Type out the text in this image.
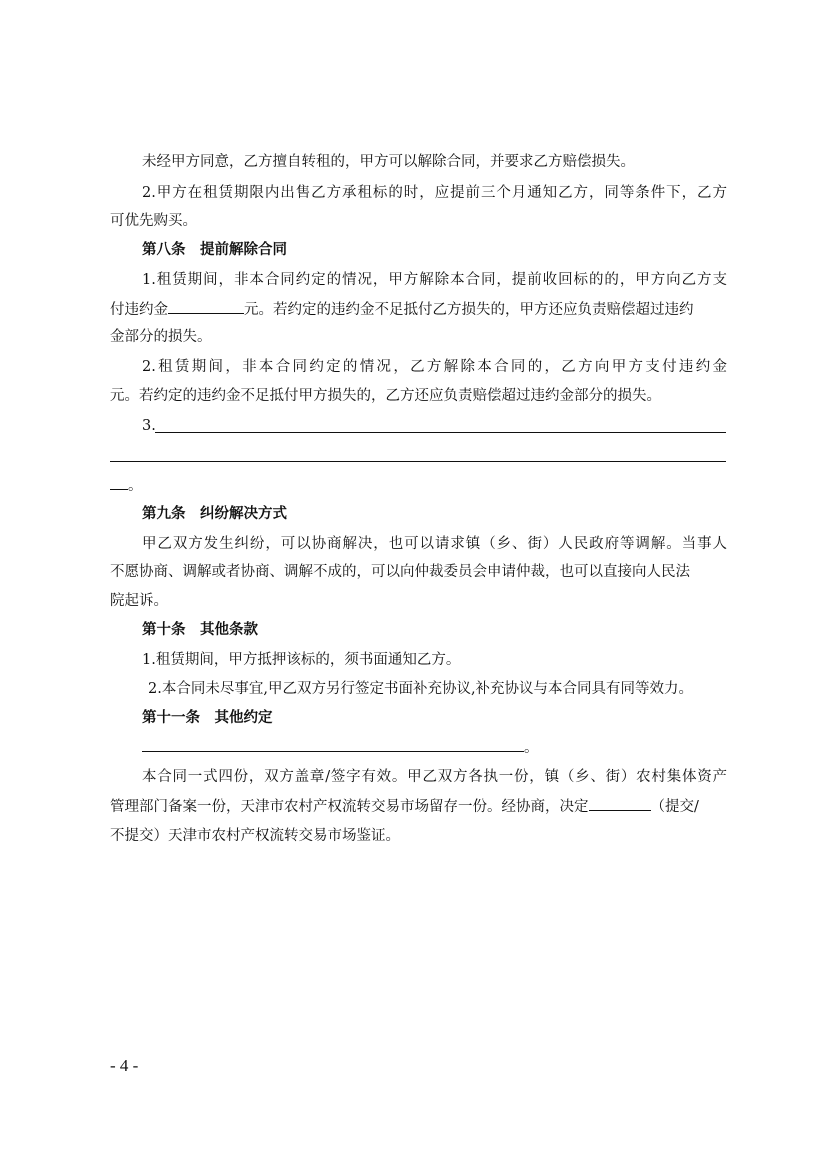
未经甲方同意，乙方擅自转租的，甲方可以解除合同，并要求乙方赔偿损失。
2.甲方在租赁期限内出售乙方承租标的时，应提前三个月通知乙方，同等条件下，乙方
可优先购买。
第八条　提前解除合同
1.租赁期间，非本合同约定的情况，甲方解除本合同，提前收回标的的，甲方向乙方支
付违约金	元。若约定的违约金不足抵付乙方损失的，甲方还应负责赔偿超过违约
金部分的损失。
2.租赁期间，非本合同约定的情况，乙方解除本合同的，乙方向甲方支付违约金
元。若约定的违约金不足抵付甲方损失的，乙方还应负责赔偿超过违约金部分的损失。
3.
。
第九条　纠纷解决方式
甲乙双方发生纠纷，可以协商解决，也可以请求镇（乡、街）人民政府等调解。当事人
不愿协商、调解或者协商、调解不成的，可以向仲裁委员会申请仲裁，也可以直接向人民法
院起诉。
第十条　其他条款
1.租赁期间，甲方抵押该标的，须书面通知乙方。
2.本合同未尽事宜,甲乙双方另行签定书面补充协议,补充协议与本合同具有同等效力。
第十一条　其他约定
。
本合同一式四份，双方盖章/签字有效。甲乙双方各执一份，镇（乡、街）农村集体资产
管理部门备案一份，天津市农村产权流转交易市场留存一份。经协商，决定	（提交/
不提交）天津市农村产权流转交易市场鉴证。
- 4 -
